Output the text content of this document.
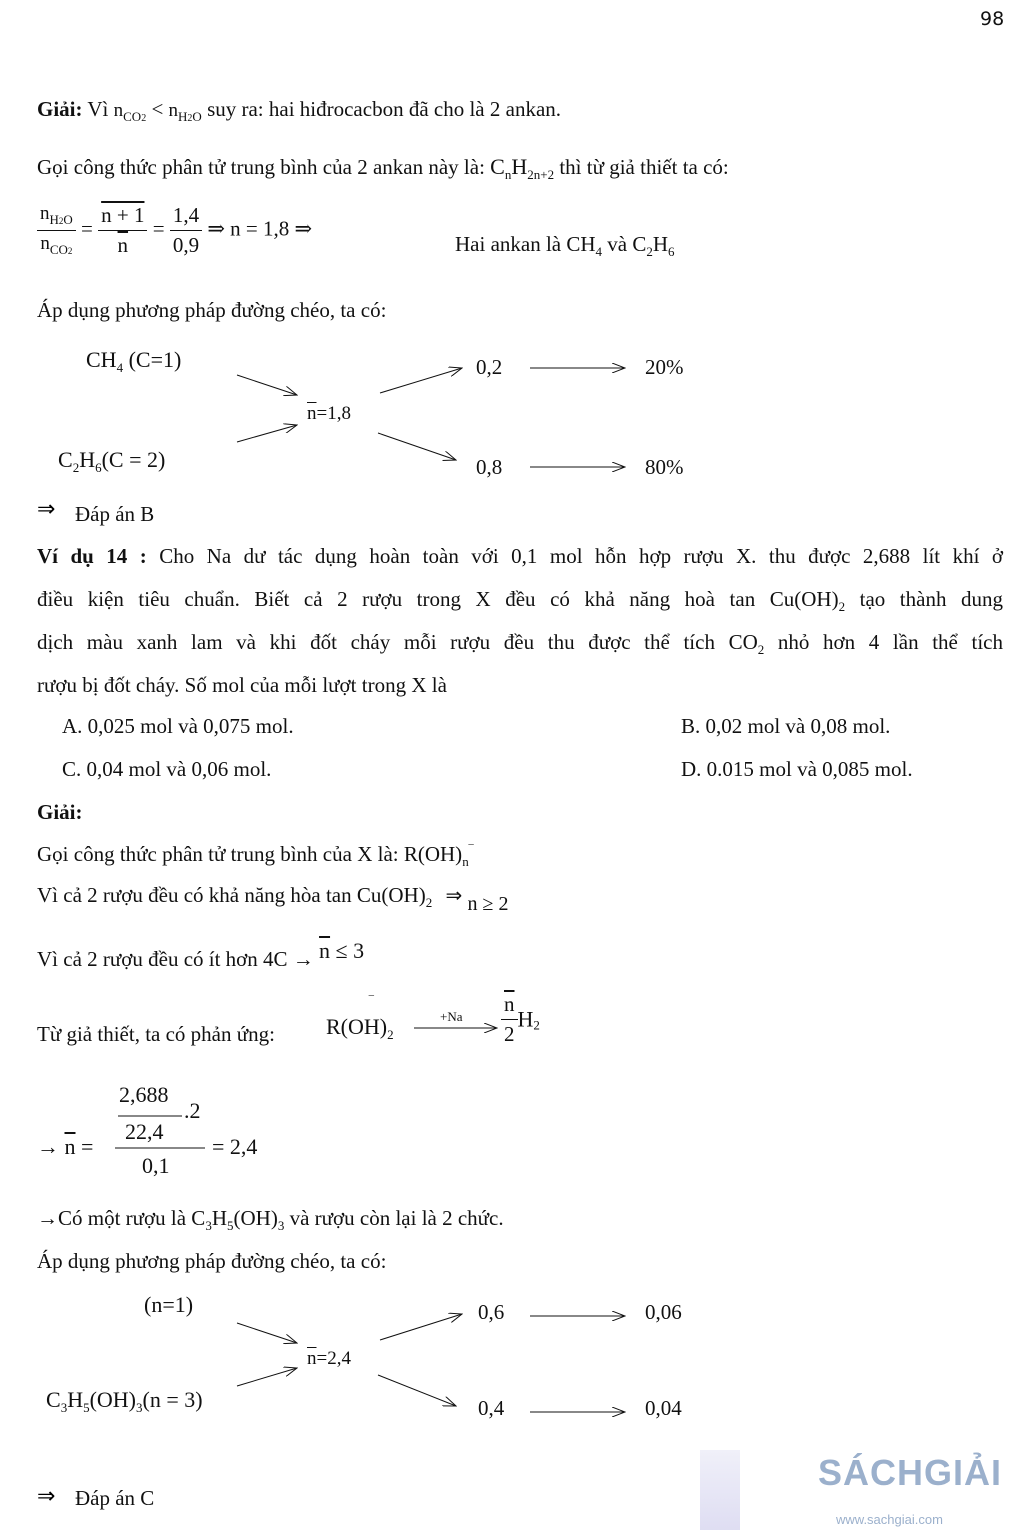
98
Giải: Vì $n_{CO2} < n_{H2O}$ suy ra: hai hiđrocacbon đã cho là 2 ankan.
Gọi công thức phân tử trung bình của 2 ankan này là: $C_nH_{2n+2}$ thì từ giả thiết ta có:
$\frac{n_{H2O}}{n_{CO2}} = \frac{n + 1}{n} = \frac{1,4}{0,9}$ ⇒ n = 1,8 ⇒
Hai ankan là $CH_4$ và $C_2H_6$
Áp dụng phương pháp đường chéo, ta có:
$CH_4$ (C=1)
$C_2H_6(C = 2)$
$\overline{n}=1,8$
0,2
0,8
20%
80%
⇒
⇒
Đáp án B
Ví dụ 14 : Cho Na dư tác dụng hoàn toàn với 0,1 mol hỗn hợp rượu X. thu được 2,688 lít khí ở
điều kiện tiêu chuẩn. Biết cả 2 rượu trong X đều có khả năng hoà $\tan Cu(OH)_2$ tạo thành dung
dịch màu xanh lam và khi đốt cháy mỗi rượu đều thu được thể tích $CO_2$ nhỏ hơn 4 lần thể tích
rượu bị đốt cháy. Số mol của mỗi lượt trong X là
A. 0,025 mol và 0,075 mol.	B. 0,02 mol và 0,08 mol.
C. 0,04 mol và 0,06 mol.	D. 0.015 mol và 0,085 mol.
Giải:
Gọi công thức phân tử trung bình của X là: $R(OH)_n^‾$
Vì cả 2 rượu đều có khả năng hòa $\tan Cu(OH)_2$ ⇒ n ≥ 2
Vì cả 2 rượu đều có ít hơn $4C \to \overline{n} \le 3$
Từ giả thiết, ta có phản ứng: $R(OH)_2$
‾
$+Na \frac{\overline{n}}{2} H_2$
2,688
22,4
.2
0,1
→ $\overline{n}$ =	= 2,4
→Có một rượu là $C_3H_5(OH)_3$ và rượu còn lại là 2 chức.
Áp dụng phương pháp đường chéo, ta có:
(n=1)
$C_3H_5(OH)_3(n = 3)$
$\overline{n}=2,4$
0,6
0,4
0,06
0,04
Đáp án C
SÁCHGIẢI
www.sachgiai.com
